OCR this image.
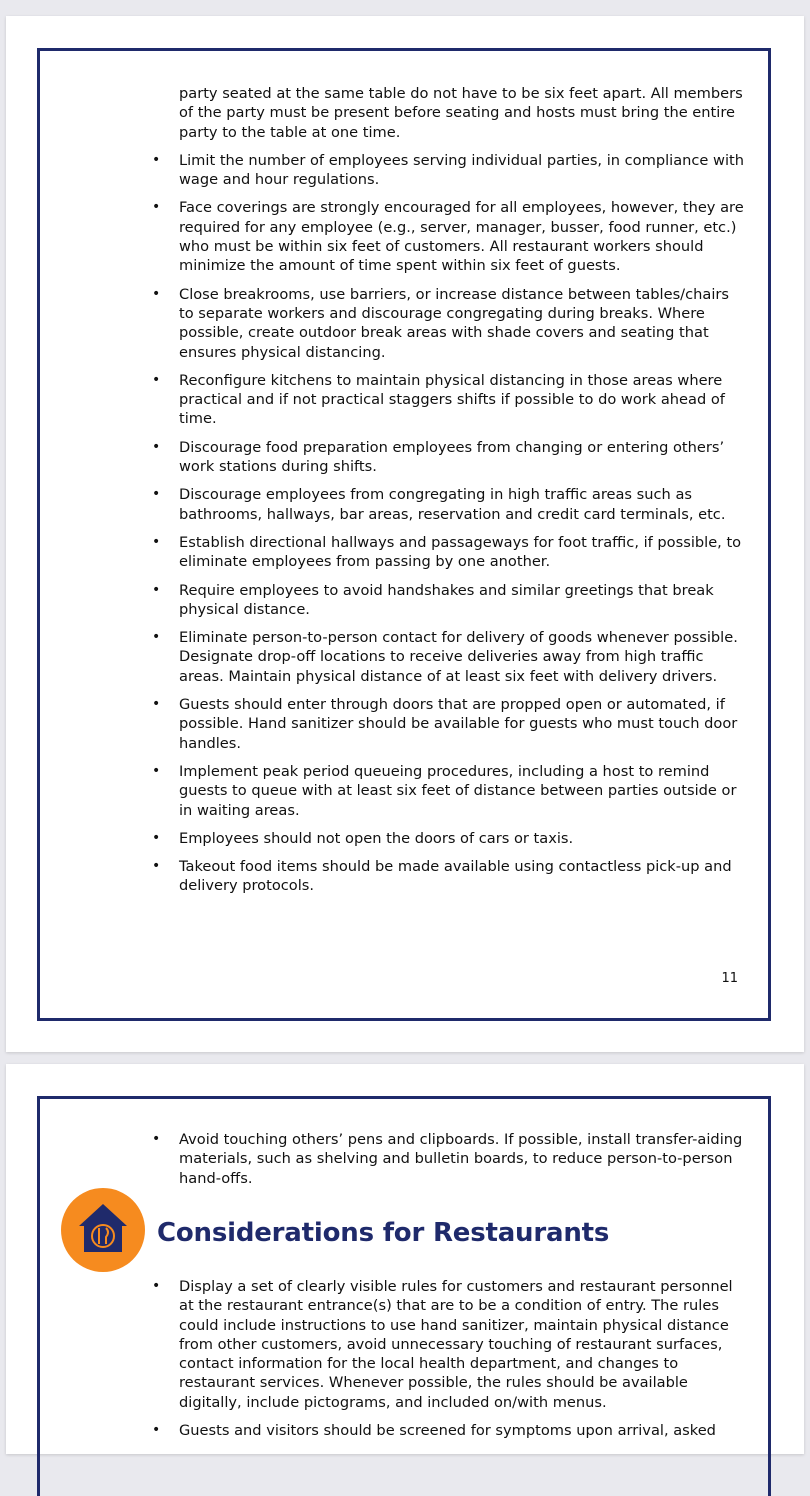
party seated at the same table do not have to be six feet apart. All members of the party must be present before seating and hosts must bring the entire party to the table at one time.

• Limit the number of employees serving individual parties, in compliance with wage and hour regulations.
• Face coverings are strongly encouraged for all employees, however, they are required for any employee (e.g., server, manager, busser, food runner, etc.) who must be within six feet of customers. All restaurant workers should minimize the amount of time spent within six feet of guests.
• Close breakrooms, use barriers, or increase distance between tables/chairs to separate workers and discourage congregating during breaks. Where possible, create outdoor break areas with shade covers and seating that ensures physical distancing.
• Reconfigure kitchens to maintain physical distancing in those areas where practical and if not practical staggers shifts if possible to do work ahead of time.
• Discourage food preparation employees from changing or entering others’ work stations during shifts.
• Discourage employees from congregating in high traffic areas such as bathrooms, hallways, bar areas, reservation and credit card terminals, etc.
• Establish directional hallways and passageways for foot traffic, if possible, to eliminate employees from passing by one another.
• Require employees to avoid handshakes and similar greetings that break physical distance.
• Eliminate person-to-person contact for delivery of goods whenever possible. Designate drop-off locations to receive deliveries away from high traffic areas. Maintain physical distance of at least six feet with delivery drivers.
• Guests should enter through doors that are propped open or automated, if possible. Hand sanitizer should be available for guests who must touch door handles.
• Implement peak period queueing procedures, including a host to remind guests to queue with at least six feet of distance between parties outside or in waiting areas.
• Employees should not open the doors of cars or taxis.
• Takeout food items should be made available using contactless pick-up and delivery protocols.
11
• Avoid touching others’ pens and clipboards. If possible, install transfer-aiding materials, such as shelving and bulletin boards, to reduce person-to-person hand-offs.
Considerations for Restaurants
• Display a set of clearly visible rules for customers and restaurant personnel at the restaurant entrance(s) that are to be a condition of entry. The rules could include instructions to use hand sanitizer, maintain physical distance from other customers, avoid unnecessary touching of restaurant surfaces, contact information for the local health department, and changes to restaurant services. Whenever possible, the rules should be available digitally, include pictograms, and included on/with menus.
• Guests and visitors should be screened for symptoms upon arrival, asked
